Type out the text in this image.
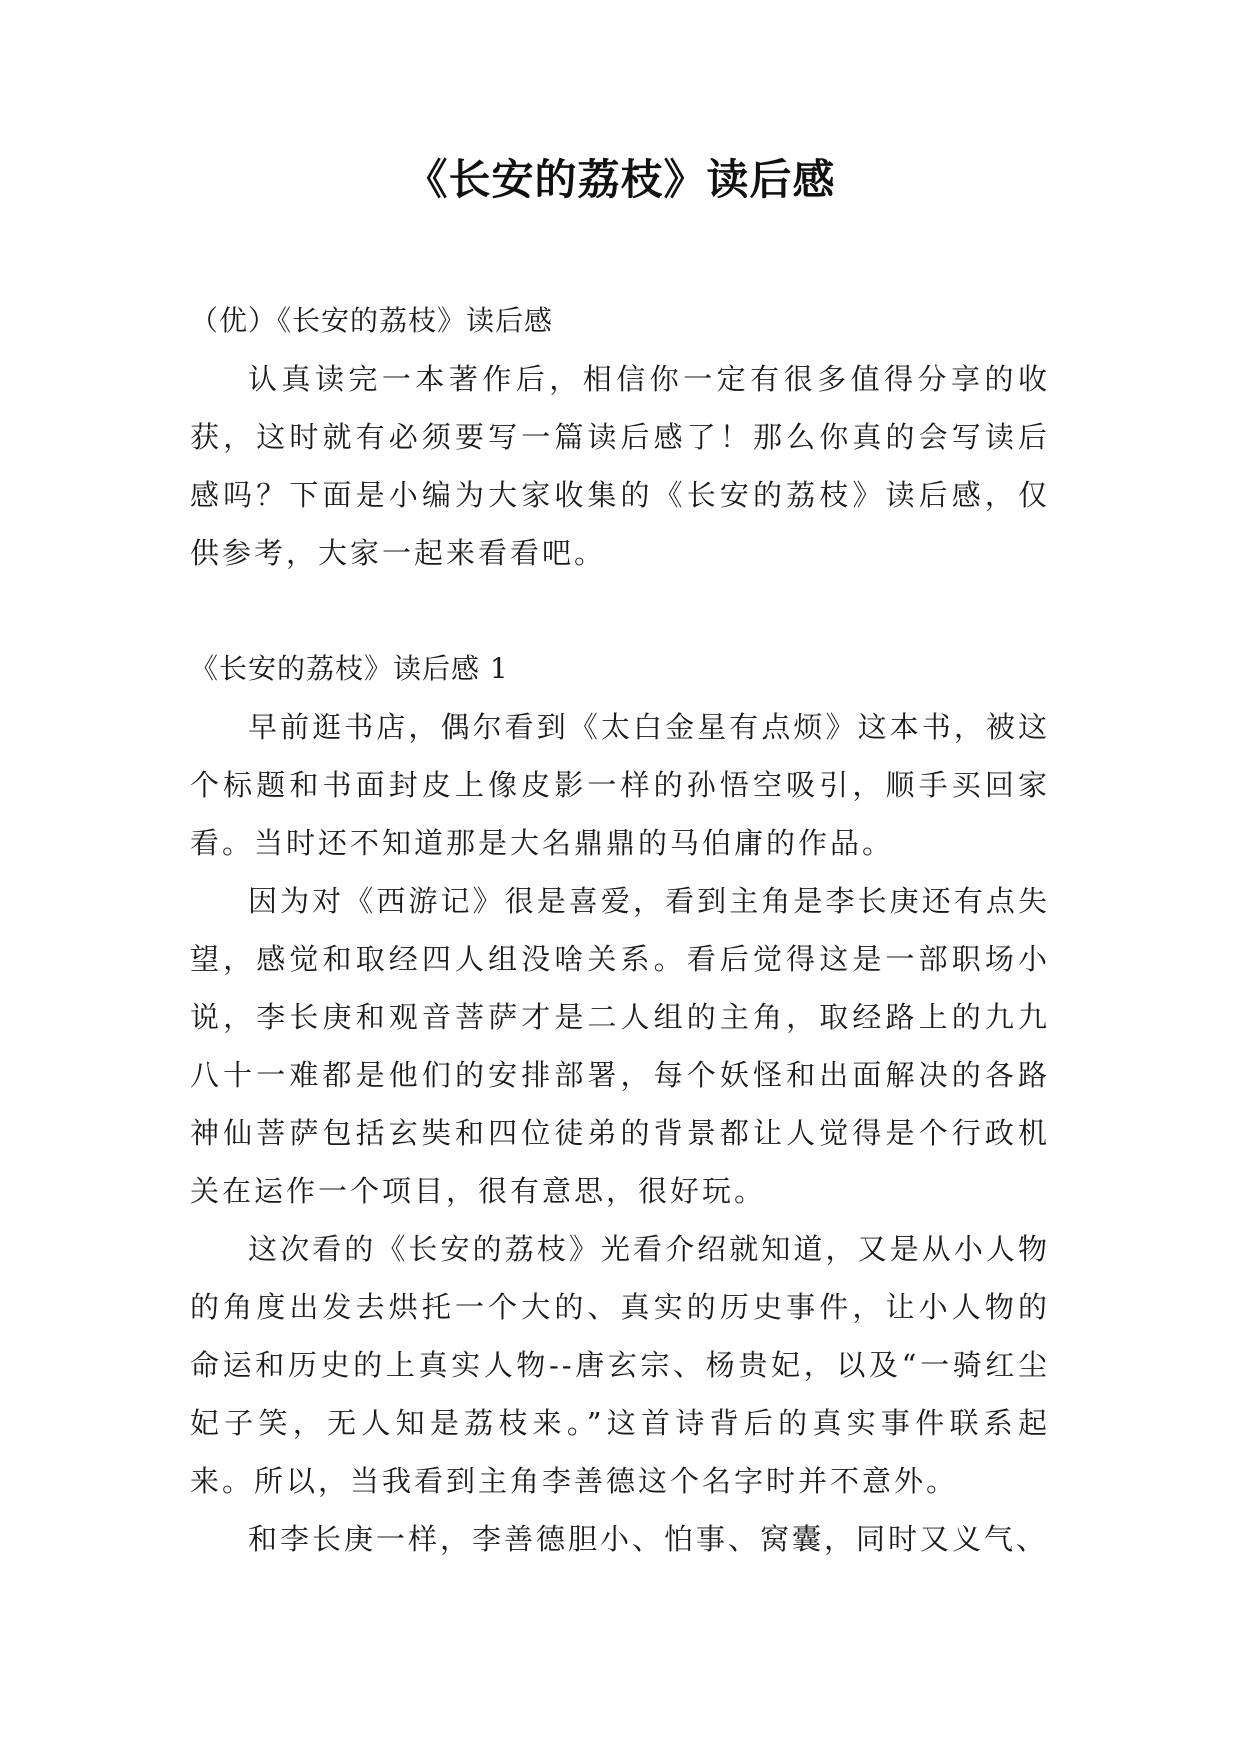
《长安的荔枝》读后感

（优）《长安的荔枝》读后感

认真读完一本著作后，相信你一定有很多值得分享的收获，这时就有必须要写一篇读后感了！那么你真的会写读后感吗？下面是小编为大家收集的《长安的荔枝》读后感，仅供参考，大家一起来看看吧。

《长安的荔枝》读后感 1

早前逛书店，偶尔看到《太白金星有点烦》这本书，被这个标题和书面封皮上像皮影一样的孙悟空吸引，顺手买回家看。当时还不知道那是大名鼎鼎的马伯庸的作品。

因为对《西游记》很是喜爱，看到主角是李长庚还有点失望，感觉和取经四人组没啥关系。看后觉得这是一部职场小说，李长庚和观音菩萨才是二人组的主角，取经路上的九九八十一难都是他们的安排部署，每个妖怪和出面解决的各路神仙菩萨包括玄奘和四位徒弟的背景都让人觉得是个行政机关在运作一个项目，很有意思，很好玩。

这次看的《长安的荔枝》光看介绍就知道，又是从小人物的角度出发去烘托一个大的、真实的历史事件，让小人物的命运和历史的上真实人物--唐玄宗、杨贵妃，以及“一骑红尘妃子笑，无人知是荔枝来。”这首诗背后的真实事件联系起来。所以，当我看到主角李善德这个名字时并不意外。

和李长庚一样，李善德胆小、怕事、窝囊，同时又义气、
